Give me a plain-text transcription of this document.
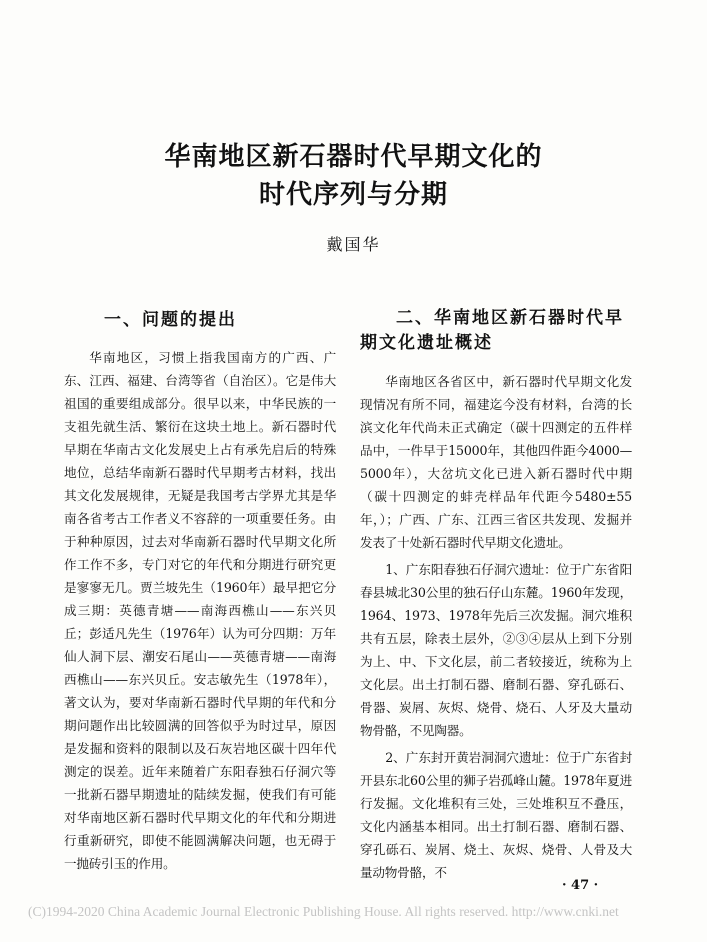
华南地区新石器时代早期文化的
时代序列与分期
戴国华
一、问题的提出

华南地区，习惯上指我国南方的广西、广东、江西、福建、台湾等省（自治区）。它是伟大祖国的重要组成部分。很早以来，中华民族的一支祖先就生活、繁衍在这块土地上。新石器时代早期在华南古文化发展史上占有承先启后的特殊地位，总结华南新石器时代早期考古材料，找出其文化发展规律，无疑是我国考古学界尤其是华南各省考古工作者义不容辞的一项重要任务。由于种种原因，过去对华南新石器时代早期文化所作工作不多，专门对它的年代和分期进行研究更是寥寥无几。贾兰坡先生（1960年）最早把它分成三期：英德青塘——南海西樵山——东兴贝丘；彭适凡先生（1976年）认为可分四期：万年仙人洞下层、潮安石尾山——英德青塘——南海西樵山——东兴贝丘。安志敏先生（1978年），著文认为，要对华南新石器时代早期的年代和分期问题作出比较圆满的回答似乎为时过早，原因是发掘和资料的限制以及石灰岩地区碳十四年代测定的误差。近年来随着广东阳春独石仔洞穴等一批新石器早期遗址的陆续发掘，使我们有可能对华南地区新石器时代早期文化的年代和分期进行重新研究，即使不能圆满解决问题，也无碍于一抛砖引玉的作用。

二、华南地区新石器时代早期文化遗址概述

华南地区各省区中，新石器时代早期文化发现情况有所不同，福建迄今没有材料，台湾的长滨文化年代尚未正式确定（碳十四测定的五件样品中，一件早于15000年，其他四件距今4000—5000年），大岔坑文化已进入新石器时代中期（碳十四测定的蚌壳样品年代距今5480±55年，）；广西、广东、江西三省区共发现、发掘并发表了十处新石器时代早期文化遗址。

1、广东阳春独石仔洞穴遗址：位于广东省阳春县城北30公里的独石仔山东麓。1960年发现，1964、1973、1978年先后三次发掘。洞穴堆积共有五层，除表土层外，②③④层从上到下分别为上、中、下文化层，前二者较接近，统称为上文化层。出土打制石器、磨制石器、穿孔砾石、骨器、炭屑、灰烬、烧骨、烧石、人牙及大量动物骨骼，不见陶器。

2、广东封开黄岩洞洞穴遗址：位于广东省封开县东北60公里的狮子岩孤峰山麓。1978年夏进行发掘。文化堆积有三处，三处堆积互不叠压，文化内涵基本相同。出土打制石器、磨制石器、穿孔砾石、炭屑、烧土、灰烬、烧骨、人骨及大量动物骨骼，不

· 47 ·
(C)1994-2020 China Academic Journal Electronic Publishing House. All rights reserved. http://www.cnki.net
